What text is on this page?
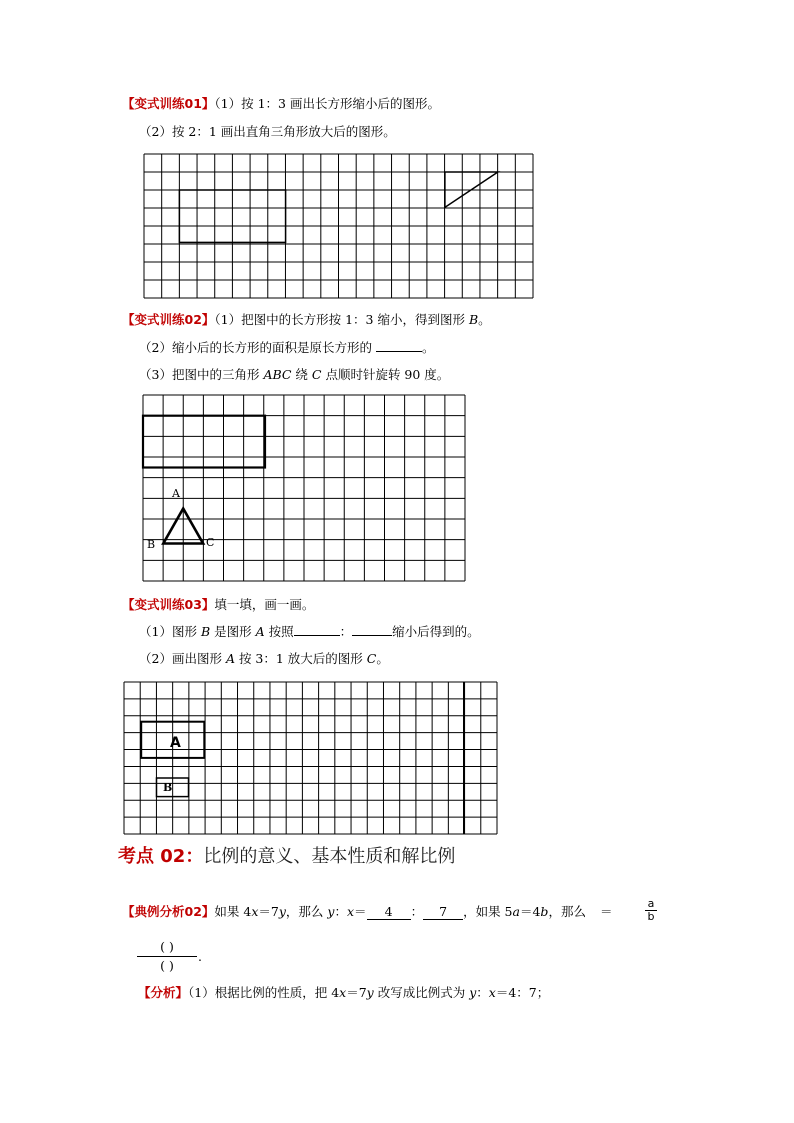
【变式训练01】（1）按 1：3 画出长方形缩小后的图形。
（2）按 2：1 画出直角三角形放大后的图形。
【变式训练02】（1）把图中的长方形按 1：3 缩小，得到图形 B。
（2）缩小后的长方形的面积是原长方形的	。
（3）把图中的三角形 ABC 绕 C 点顺时针旋转 90 度。
A
B	C
【变式训练03】填一填，画一画。
（1）图形 B 是图形 A 按照	：	缩小后得到的。
（2）画出图形 A 按 3：1 放大后的图形 C。
A
B
考点 02：比例的意义、基本性质和解比例
【典例分析02】如果 4x＝7y，那么 y：x＝ 4 ： 7 ，如果 5a＝4b，那么 ＝	$\frac{a}{b}$
( )
( )
.
【分析】（1）根据比例的性质，把 4x＝7y 改写成比例式为 y：x＝4：7；
